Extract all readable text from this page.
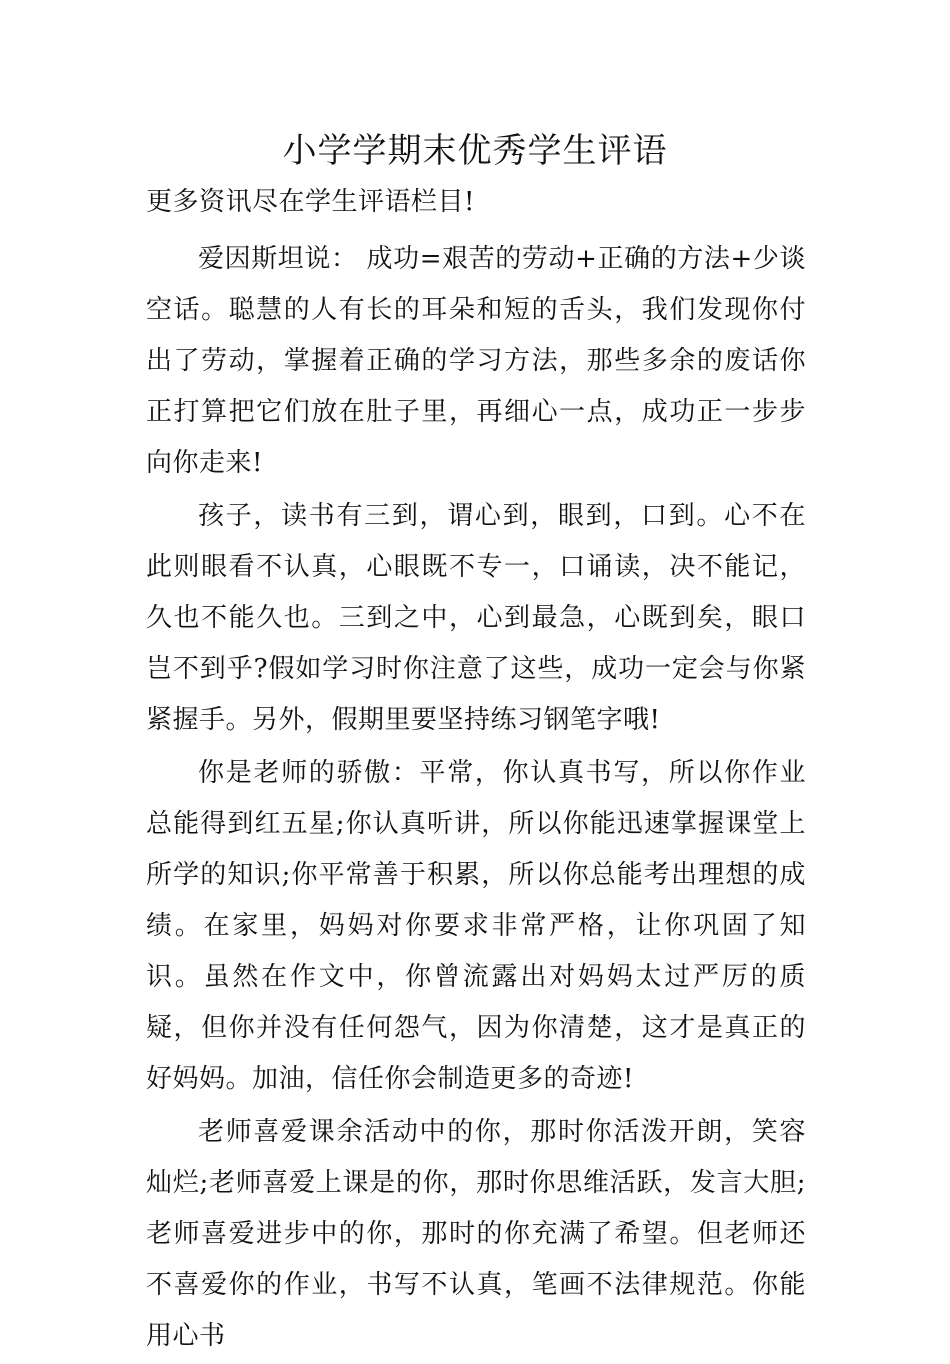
小学学期末优秀学生评语

更多资讯尽在学生评语栏目!

爱因斯坦说： 成功=艰苦的劳动+正确的方法+少谈空话。聪慧的人有长的耳朵和短的舌头，我们发现你付出了劳动，掌握着正确的学习方法，那些多余的废话你正打算把它们放在肚子里，再细心一点，成功正一步步向你走来!

孩子，读书有三到，谓心到，眼到，口到。心不在此则眼看不认真，心眼既不专一，口诵读，决不能记，久也不能久也。三到之中，心到最急，心既到矣，眼口岂不到乎?假如学习时你注意了这些，成功一定会与你紧紧握手。另外，假期里要坚持练习钢笔字哦!

你是老师的骄傲：平常，你认真书写，所以你作业总能得到红五星;你认真听讲，所以你能迅速掌握课堂上所学的知识;你平常善于积累，所以你总能考出理想的成绩。在家里，妈妈对你要求非常严格，让你巩固了知识。虽然在作文中，你曾流露出对妈妈太过严厉的质疑，但你并没有任何怨气，因为你清楚，这才是真正的好妈妈。加油，信任你会制造更多的奇迹!

老师喜爱课余活动中的你，那时你活泼开朗，笑容灿烂;老师喜爱上课是的你，那时你思维活跃，发言大胆;老师喜爱进步中的你，那时的你充满了希望。但老师还不喜爱你的作业，书写不认真，笔画不法律规范。你能用心书
